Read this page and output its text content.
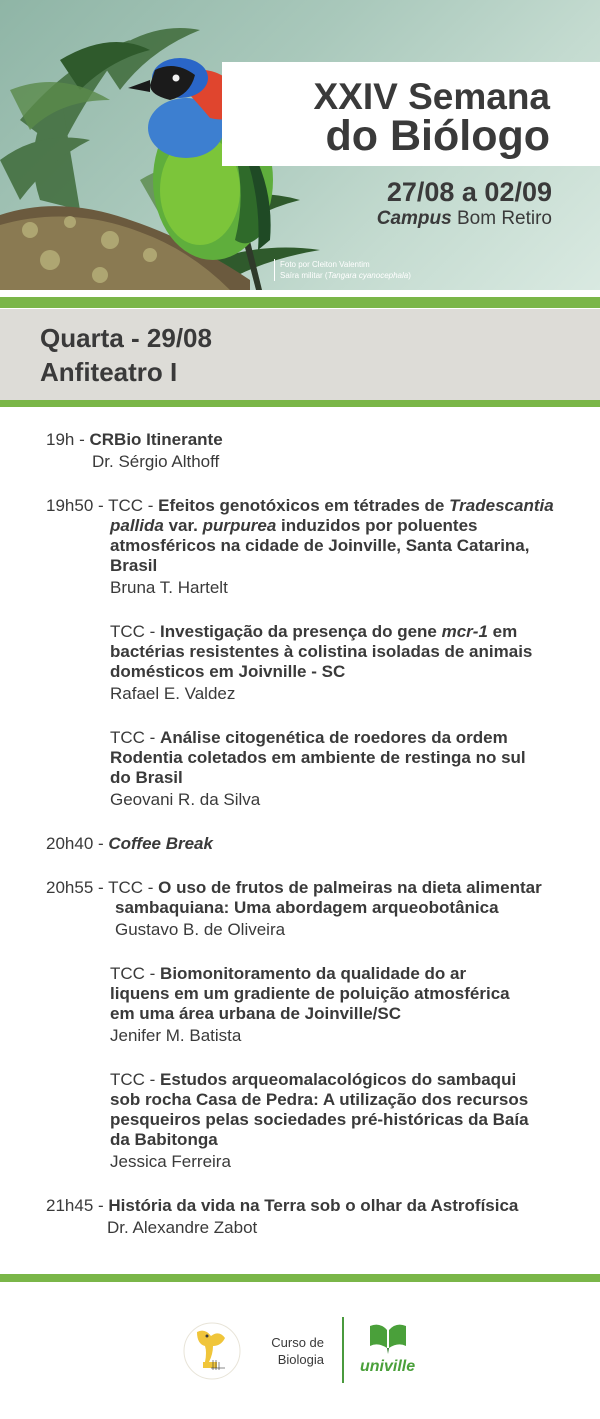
XXIV Semana
do Biólogo
27/08 a 02/09
Campus Bom Retiro
Foto por Cleiton Valentim
Saíra militar (Tangara cyanocephala)
Quarta - 29/08
Anfiteatro I
19h - CRBio Itinerante
Dr. Sérgio Althoff
19h50 - TCC - Efeitos genotóxicos em tétrades de Tradescantia
pallida var. purpurea induzidos por poluentes
atmosféricos na cidade de Joinville, Santa Catarina,
Brasil
Bruna T. Hartelt
TCC - Investigação da presença do gene mcr-1 em
bactérias resistentes à colistina isoladas de animais
domésticos em Joivnille - SC
Rafael E. Valdez
TCC - Análise citogenética de roedores da ordem
Rodentia coletados em ambiente de restinga no sul
do Brasil
Geovani R. da Silva
20h40 - Coffee Break
20h55 - TCC - O uso de frutos de palmeiras na dieta alimentar
sambaquiana: Uma abordagem arqueobotânica
Gustavo B. de Oliveira
TCC - Biomonitoramento da qualidade do ar
liquens em um gradiente de poluição atmosférica
em uma área urbana de Joinville/SC
Jenifer M. Batista
TCC - Estudos arqueomalacológicos do sambaqui
sob rocha Casa de Pedra: A utilização dos recursos
pesqueiros pelas sociedades pré-históricas da Baía
da Babitonga
Jessica Ferreira
21h45 - História da vida na Terra sob o olhar da Astrofísica
Dr. Alexandre Zabot
Curso de
Biologia univille
